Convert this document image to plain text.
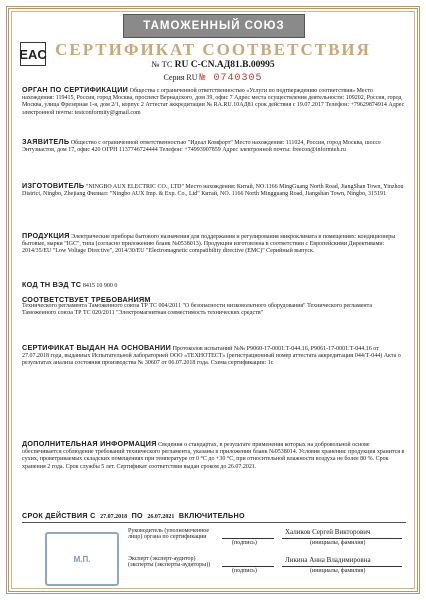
ТАМОЖЕННЫЙ СОЮЗ
EAC СЕРТИФИКАТ СООТВЕТСТВИЯ
№ ТС RU C-CN.АД81.В.00995
Серия RU № 0740305
ОРГАН ПО СЕРТИФИКАЦИИ Общества с ограниченной ответственностью «Услуги по подтверждению соответствия» Место нахождения: 119415, Россия, город Москва, проспект Вернадского, дом 39, офис 7 Адрес места осуществления деятельности: 109202, Россия, город Москва, улица Фрезерная 1-я, дом 2/1, корпус 2 Аттестат аккредитации № RA.RU.10АД81 срок действия с 19.07.2017 Телефон: +79629874914 Адрес электронной почты: testconformity@gmail.com
ЗАЯВИТЕЛЬ Общество с ограниченной ответственностью "Идеал Комфорт" Место нахождения: 111024, Россия, город Москва, шоссе Энтузиастов, дом 17, офис 420 ОГРН 1137746724444 Телефон: +74993907859 Адрес электронной почты: freecon@informteh.ru
ИЗГОТОВИТЕЛЬ "NINGBO AUX ELECTRIC CO., LTD" Место нахождения: Китай, NO.1166 MingGuang North Road, JiangShan Town, Yinzhou District, Ningbo, Zhejiang Филиал: "Ningbo AUX Imp. & Exp. Co., Ltd" Китай, NO. 1166 North Mingguang Road, Jiangshan Town, Ningbo, 315191
ПРОДУКЦИЯ Электрические приборы бытового назначения для поддержания и регулирования микроклимата в помещениях: кондиционеры бытовые, марки "IGC", типа (согласно приложению бланк №0538013). Продукция изготовлена в соответствии с Европейскими Директивами: 2014/35/EU "Low Voltage Directive", 2014/30/EU "Electromagnetic compatibility directive (EMC)" Серийный выпуск.
КОД ТН ВЭД ТС 8415 10 900 0
СООТВЕТСТВУЕТ ТРЕБОВАНИЯМ
Технического регламента Таможенного союза ТР ТС 004/2011 "О безопасности низковольтного оборудования" Технического регламента Таможенного союза ТР ТС 020/2011 "Электромагнитная совместимость технических средств"
СЕРТИФИКАТ ВЫДАН НА ОСНОВАНИИ Протоколов испытаний №№ Р9060-17-0001.Т-044.16, Р9061-17-0001.Т-044.16 от 27.07.2018 года, выданных Испытательной лабораторией ООО «ТЕХНОТЕСТ» (регистрационный номер аттестата аккредитации 044/Т-044) Акта о результатах анализа состояния производства № 30607 от 06.07.2018 года. Схема сертификации: 1с
ДОПОЛНИТЕЛЬНАЯ ИНФОРМАЦИЯ Сведения о стандартах, в результате применения которых на добровольной основе обеспечивается соблюдение требований технического регламента, указаны в приложении бланк №0538014. Условия хранения: продукция хранится в сухих, проветриваемых складских помещениях при температуре от 0 °C до +30 °C, при относительной влажности воздуха не более 80 %. Срок хранения 2 года. Срок службы 5 лет. Сертификат соответствия выдан сроком до 26.07.2021.
СРОК ДЕЙСТВИЯ С 27.07.2018 ПО 26.07.2021 ВКЛЮЧИТЕЛЬНО
М.П.
Руководитель (уполномоченное лицо) органа по сертификации
(подпись)
Халиков Сергей Викторович
(инициалы, фамилия)
Эксперт (эксперт-аудитор) (эксперты (эксперты-аудиторы))
(подпись)
Ликина Анна Владимировна
(инициалы, фамилия)
